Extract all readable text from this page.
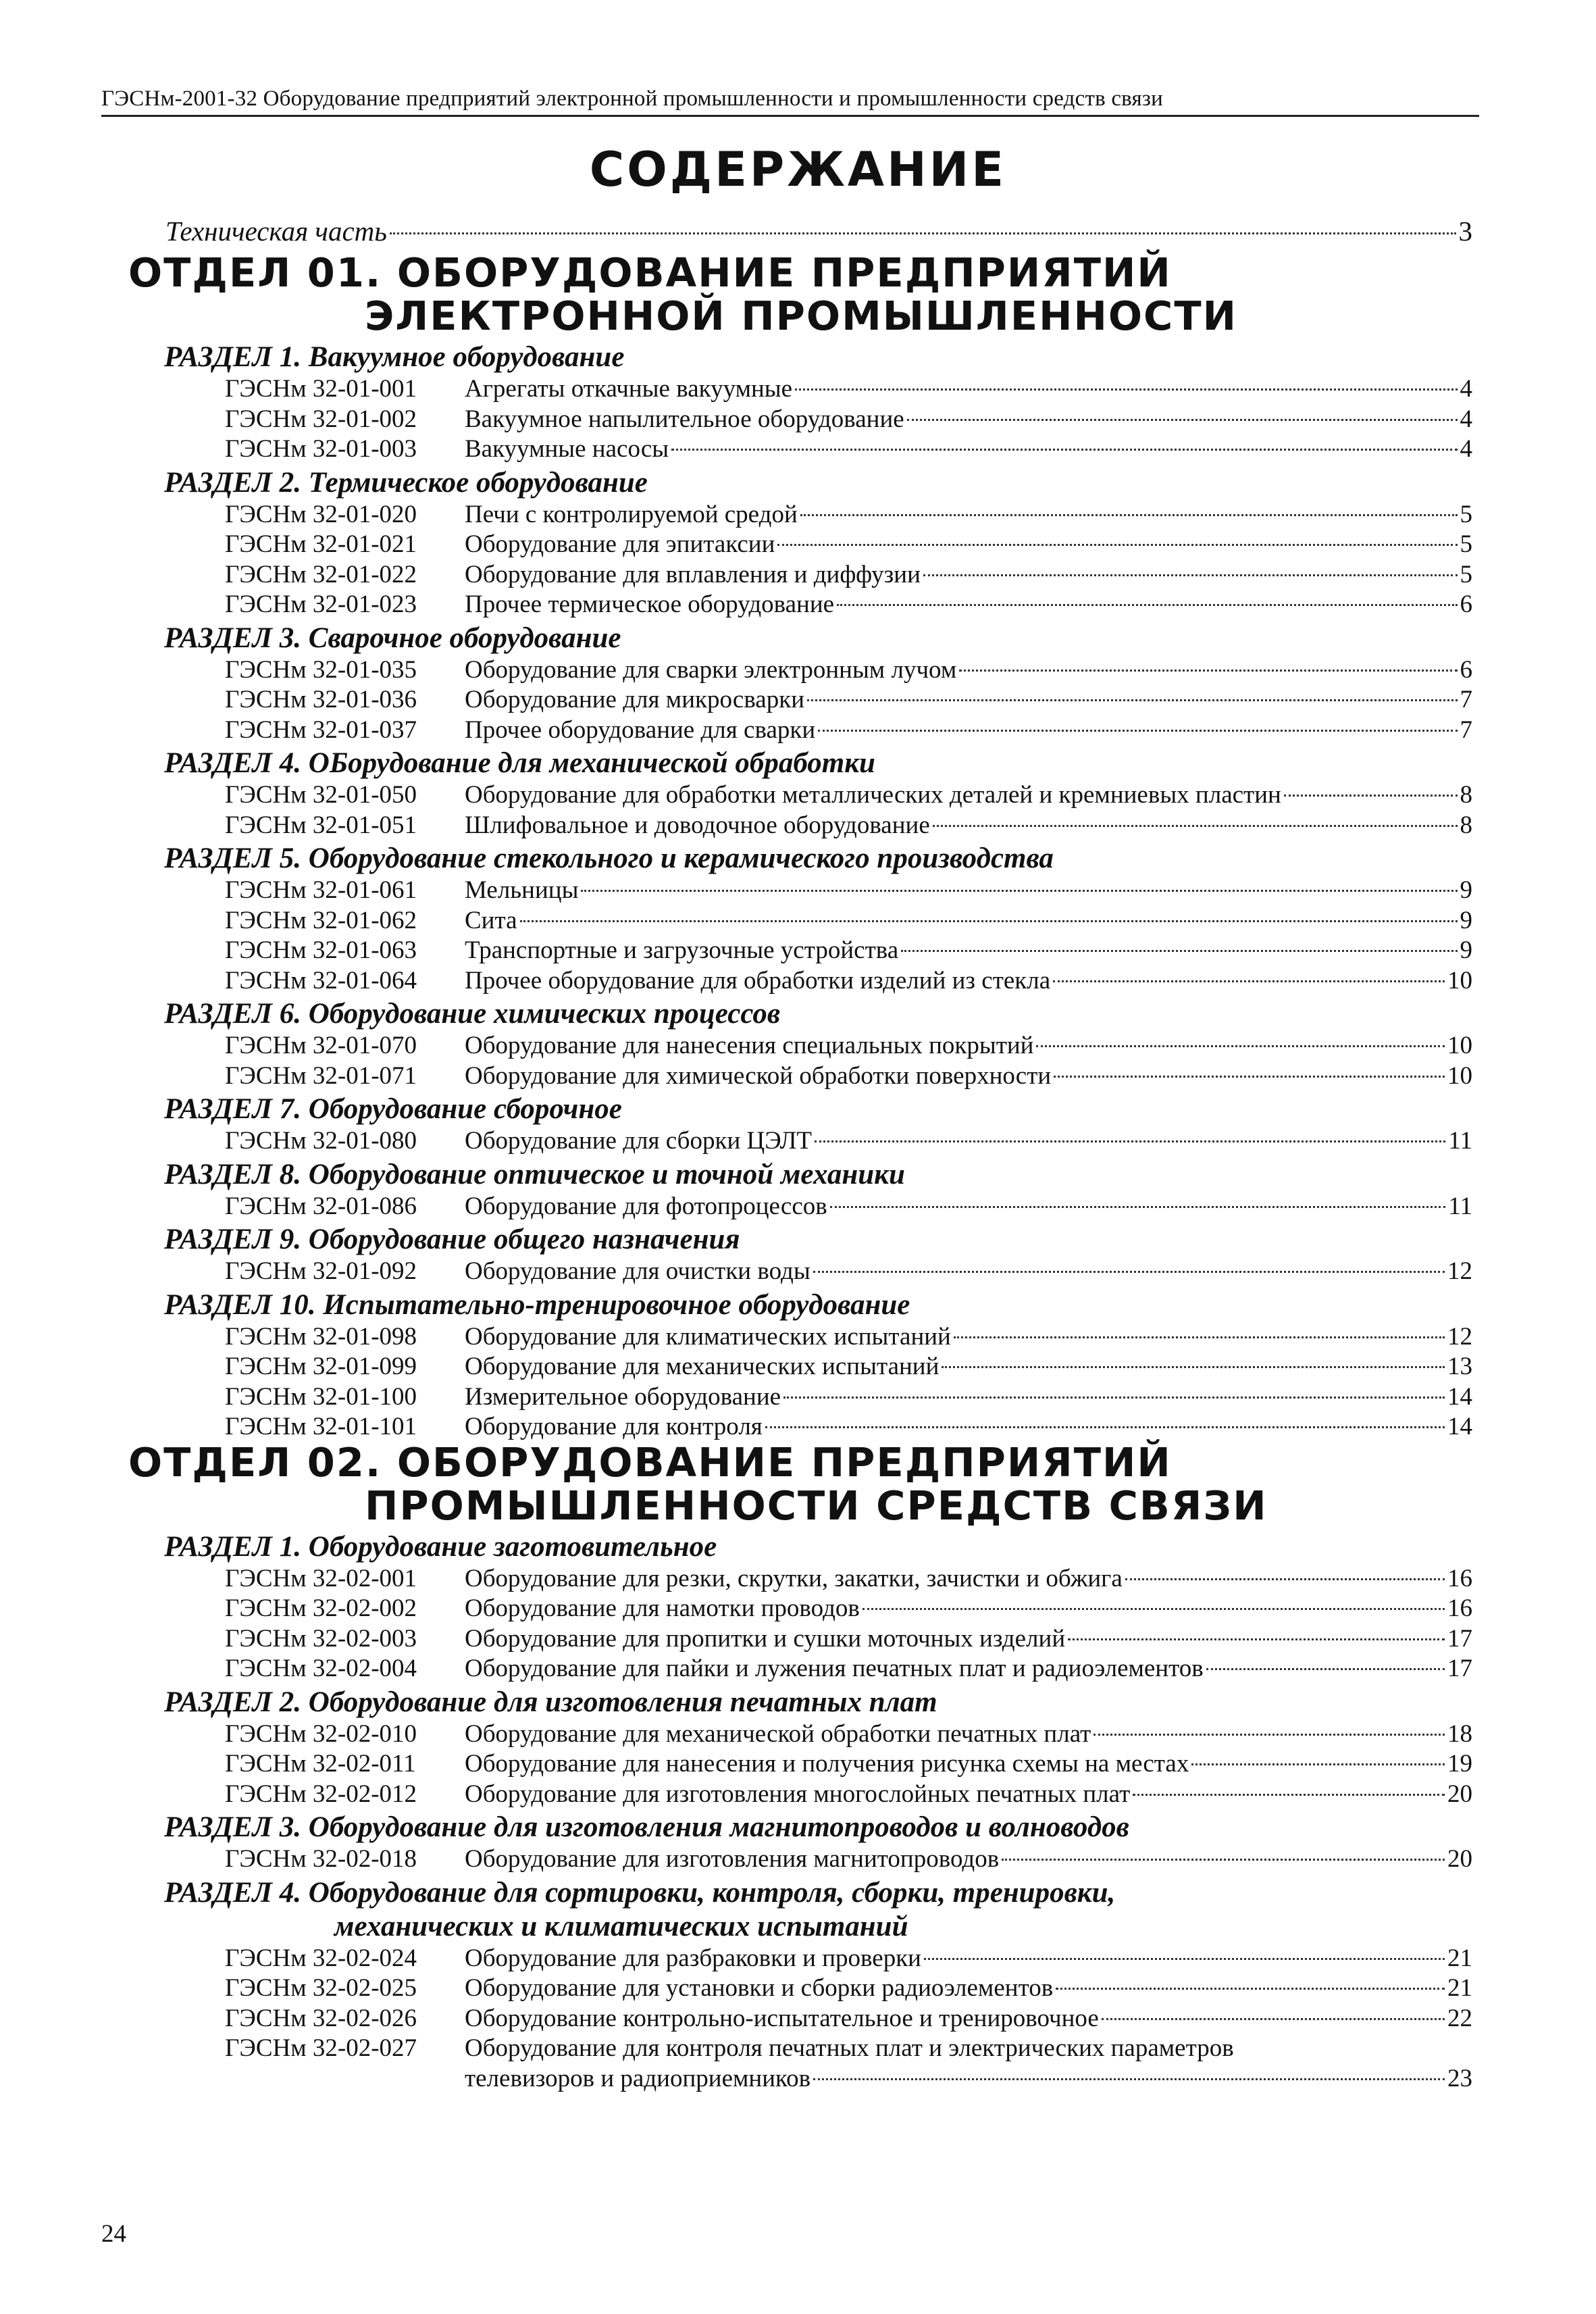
ГЭСНм-2001-32 Оборудование предприятий электронной промышленности и промышленности средств связи
СОДЕРЖАНИЕ
Техническая часть	3
24
ОТДЕЛ 01. ОБОРУДОВАНИЕ ПРЕДПРИЯТИЙ
ЭЛЕКТРОННОЙ ПРОМЫШЛЕННОСТИ
РАЗДЕЛ 1. Вакуумное оборудование
ГЭСНм 32-01-001	Агрегаты откачные вакуумные	4
ГЭСНм 32-01-002	Вакуумное напылительное оборудование	4
ГЭСНм 32-01-003	Вакуумные насосы	4
РАЗДЕЛ 2. Термическое оборудование
ГЭСНм 32-01-020	Печи с контролируемой средой	5
ГЭСНм 32-01-021	Оборудование для эпитаксии	5
ГЭСНм 32-01-022	Оборудование для вплавления и диффузии	5
ГЭСНм 32-01-023	Прочее термическое оборудование	6
РАЗДЕЛ 3. Сварочное оборудование
ГЭСНм 32-01-035	Оборудование для сварки электронным лучом	6
ГЭСНм 32-01-036	Оборудование для микросварки	7
ГЭСНм 32-01-037	Прочее оборудование для сварки	7
РАЗДЕЛ 4. ОБорудование для механической обработки
ГЭСНм 32-01-050	Оборудование для обработки металлических деталей и кремниевых пластин	8
ГЭСНм 32-01-051	Шлифовальное и доводочное оборудование	8
РАЗДЕЛ 5. Оборудование стекольного и керамического производства
ГЭСНм 32-01-061	Мельницы	9
ГЭСНм 32-01-062	Сита	9
ГЭСНм 32-01-063	Транспортные и загрузочные устройства	9
ГЭСНм 32-01-064	Прочее оборудование для обработки изделий из стекла	10
РАЗДЕЛ 6. Оборудование химических процессов
ГЭСНм 32-01-070	Оборудование для нанесения специальных покрытий	10
ГЭСНм 32-01-071	Оборудование для химической обработки поверхности	10
РАЗДЕЛ 7. Оборудование сборочное
ГЭСНм 32-01-080	Оборудование для сборки ЦЭЛТ	11
РАЗДЕЛ 8. Оборудование оптическое и точной механики
ГЭСНм 32-01-086	Оборудование для фотопроцессов	11
РАЗДЕЛ 9. Оборудование общего назначения
ГЭСНм 32-01-092	Оборудование для очистки воды	12
РАЗДЕЛ 10. Испытательно-тренировочное оборудование
ГЭСНм 32-01-098	Оборудование для климатических испытаний	12
ГЭСНм 32-01-099	Оборудование для механических испытаний	13
ГЭСНм 32-01-100	Измерительное оборудование	14
ГЭСНм 32-01-101	Оборудование для контроля	14
ОТДЕЛ 02. ОБОРУДОВАНИЕ ПРЕДПРИЯТИЙ
ПРОМЫШЛЕННОСТИ СРЕДСТВ СВЯЗИ
РАЗДЕЛ 1. Оборудование заготовительное
ГЭСНм 32-02-001	Оборудование для резки, скрутки, закатки, зачистки и обжига	16
ГЭСНм 32-02-002	Оборудование для намотки проводов	16
ГЭСНм 32-02-003	Оборудование для пропитки и сушки моточных изделий	17
ГЭСНм 32-02-004	Оборудование для пайки и лужения печатных плат и радиоэлементов	17
РАЗДЕЛ 2. Оборудование для изготовления печатных плат
ГЭСНм 32-02-010	Оборудование для механической обработки печатных плат	18
ГЭСНм 32-02-011	Оборудование для нанесения и получения рисунка схемы на местах	19
ГЭСНм 32-02-012	Оборудование для изготовления многослойных печатных плат	20
РАЗДЕЛ 3. Оборудование для изготовления магнитопроводов и волноводов
ГЭСНм 32-02-018	Оборудование для изготовления магнитопроводов	20
РАЗДЕЛ 4. Оборудование для сортировки, контроля, сборки, тренировки,
механических и климатических испытаний
ГЭСНм 32-02-024	Оборудование для разбраковки и проверки	21
ГЭСНм 32-02-025	Оборудование для установки и сборки радиоэлементов	21
ГЭСНм 32-02-026	Оборудование контрольно-испытательное и тренировочное	22
ГЭСНм 32-02-027	Оборудование для контроля печатных плат и электрических параметров
телевизоров и радиоприемников	23
